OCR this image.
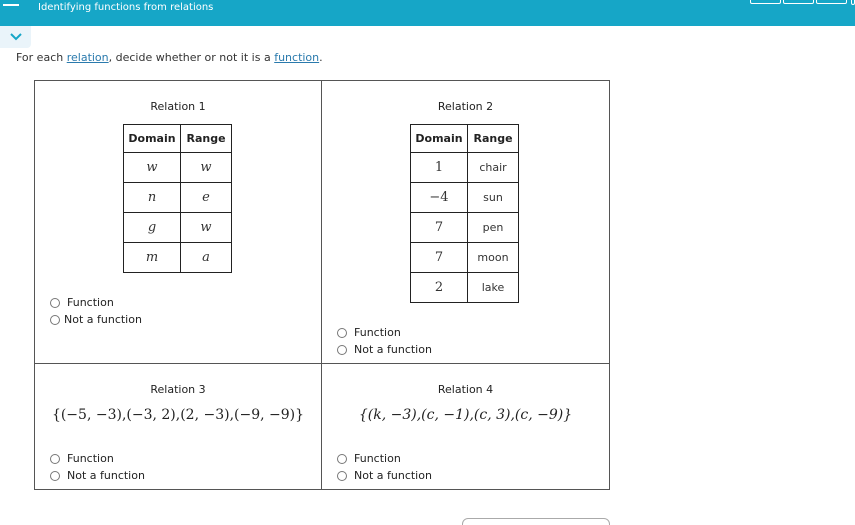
Identifying functions from relations
For each relation, decide whether or not it is a function.
Relation 1
Domain	Range
w	w
n	e
g	w
m	a
Function
Not a function
Relation 2
Domain	Range
1	chair
−4	sun
7	pen
7	moon
2	lake
Function
Not a function
Relation 3
{(−5, −3),(−3, 2),(2, −3),(−9, −9)}
Function
Not a function
Relation 4
{(k, −3),(c, −1),(c, 3),(c, −9)}
Function
Not a function
